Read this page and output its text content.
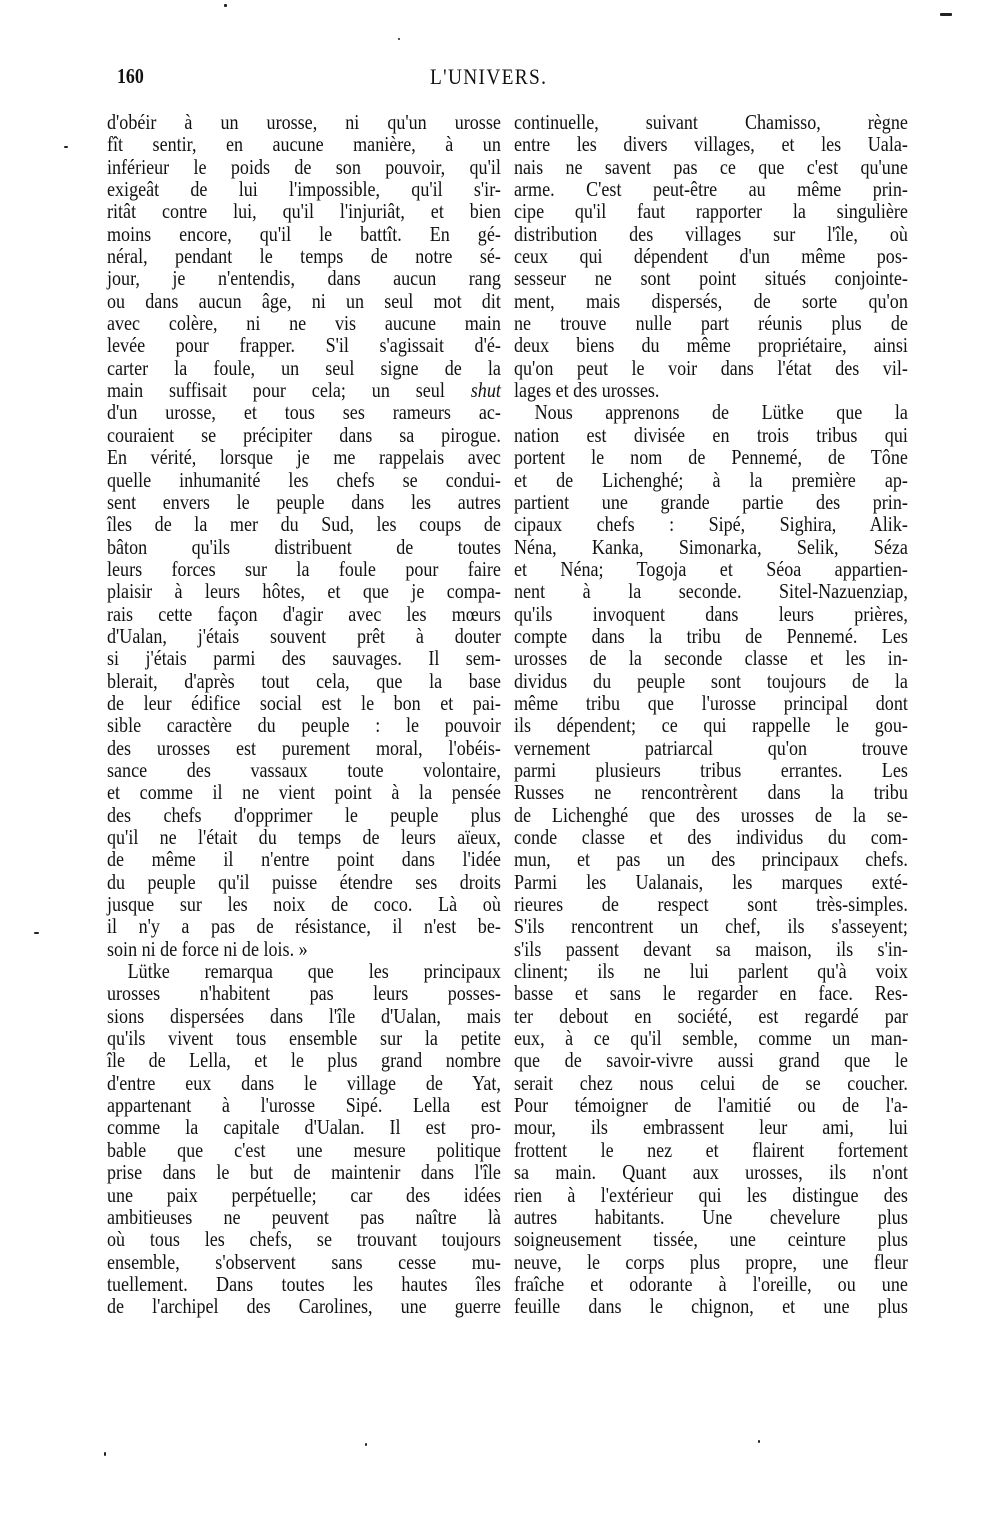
160	L'UNIVERS.
d'obéir à un urosse, ni qu'un urosse
fît sentir, en aucune manière, à un
inférieur le poids de son pouvoir, qu'il
exigeât de lui l'impossible, qu'il s'ir-
ritât contre lui, qu'il l'injuriât, et bien
moins encore, qu'il le battît. En gé-
néral, pendant le temps de notre sé-
jour, je n'entendis, dans aucun rang
ou dans aucun âge, ni un seul mot dit
avec colère, ni ne vis aucune main
levée pour frapper. S'il s'agissait d'é-
carter la foule, un seul signe de la
main suffisait pour cela; un seul shut
d'un urosse, et tous ses rameurs ac-
couraient se précipiter dans sa pirogue.
En vérité, lorsque je me rappelais avec
quelle inhumanité les chefs se condui-
sent envers le peuple dans les autres
îles de la mer du Sud, les coups de
bâton qu'ils distribuent de toutes
leurs forces sur la foule pour faire
plaisir à leurs hôtes, et que je compa-
rais cette façon d'agir avec les mœurs
d'Ualan, j'étais souvent prêt à douter
si j'étais parmi des sauvages. Il sem-
blerait, d'après tout cela, que la base
de leur édifice social est le bon et pai-
sible caractère du peuple : le pouvoir
des urosses est purement moral, l'obéis-
sance des vassaux toute volontaire,
et comme il ne vient point à la pensée
des chefs d'opprimer le peuple plus
qu'il ne l'était du temps de leurs aïeux,
de même il n'entre point dans l'idée
du peuple qu'il puisse étendre ses droits
jusque sur les noix de coco. Là où
il n'y a pas de résistance, il n'est be-
soin ni de force ni de lois. »
Lütke remarqua que les principaux
urosses n'habitent pas leurs posses-
sions dispersées dans l'île d'Ualan, mais
qu'ils vivent tous ensemble sur la petite
île de Lella, et le plus grand nombre
d'entre eux dans le village de Yat,
appartenant à l'urosse Sipé. Lella est
comme la capitale d'Ualan. Il est pro-
bable que c'est une mesure politique
prise dans le but de maintenir dans l'île
une paix perpétuelle; car des idées
ambitieuses ne peuvent pas naître là
où tous les chefs, se trouvant toujours
ensemble, s'observent sans cesse mu-
tuellement. Dans toutes les hautes îles
de l'archipel des Carolines, une guerre
continuelle, suivant Chamisso, règne
entre les divers villages, et les Uala-
nais ne savent pas ce que c'est qu'une
arme. C'est peut-être au même prin-
cipe qu'il faut rapporter la singulière
distribution des villages sur l'île, où
ceux qui dépendent d'un même pos-
sesseur ne sont point situés conjointe-
ment, mais dispersés, de sorte qu'on
ne trouve nulle part réunis plus de
deux biens du même propriétaire, ainsi
qu'on peut le voir dans l'état des vil-
lages et des urosses.
Nous apprenons de Lütke que la
nation est divisée en trois tribus qui
portent le nom de Pennemé, de Tône
et de Lichenghé; à la première ap-
partient une grande partie des prin-
cipaux chefs : Sipé, Sighira, Alik-
Néna, Kanka, Simonarka, Selik, Séza
et Néna; Togoja et Séoa appartien-
nent à la seconde. Sitel-Nazuenziap,
qu'ils invoquent dans leurs prières,
compte dans la tribu de Pennemé. Les
urosses de la seconde classe et les in-
dividus du peuple sont toujours de la
même tribu que l'urosse principal dont
ils dépendent; ce qui rappelle le gou-
vernement patriarcal qu'on trouve
parmi plusieurs tribus errantes. Les
Russes ne rencontrèrent dans la tribu
de Lichenghé que des urosses de la se-
conde classe et des individus du com-
mun, et pas un des principaux chefs.
Parmi les Ualanais, les marques exté-
rieures de respect sont très-simples.
S'ils rencontrent un chef, ils s'asseyent;
s'ils passent devant sa maison, ils s'in-
clinent; ils ne lui parlent qu'à voix
basse et sans le regarder en face. Res-
ter debout en société, est regardé par
eux, à ce qu'il semble, comme un man-
que de savoir-vivre aussi grand que le
serait chez nous celui de se coucher.
Pour témoigner de l'amitié ou de l'a-
mour, ils embrassent leur ami, lui
frottent le nez et flairent fortement
sa main. Quant aux urosses, ils n'ont
rien à l'extérieur qui les distingue des
autres habitants. Une chevelure plus
soigneusement tissée, une ceinture plus
neuve, le corps plus propre, une fleur
fraîche et odorante à l'oreille, ou une
feuille dans le chignon, et une plus
